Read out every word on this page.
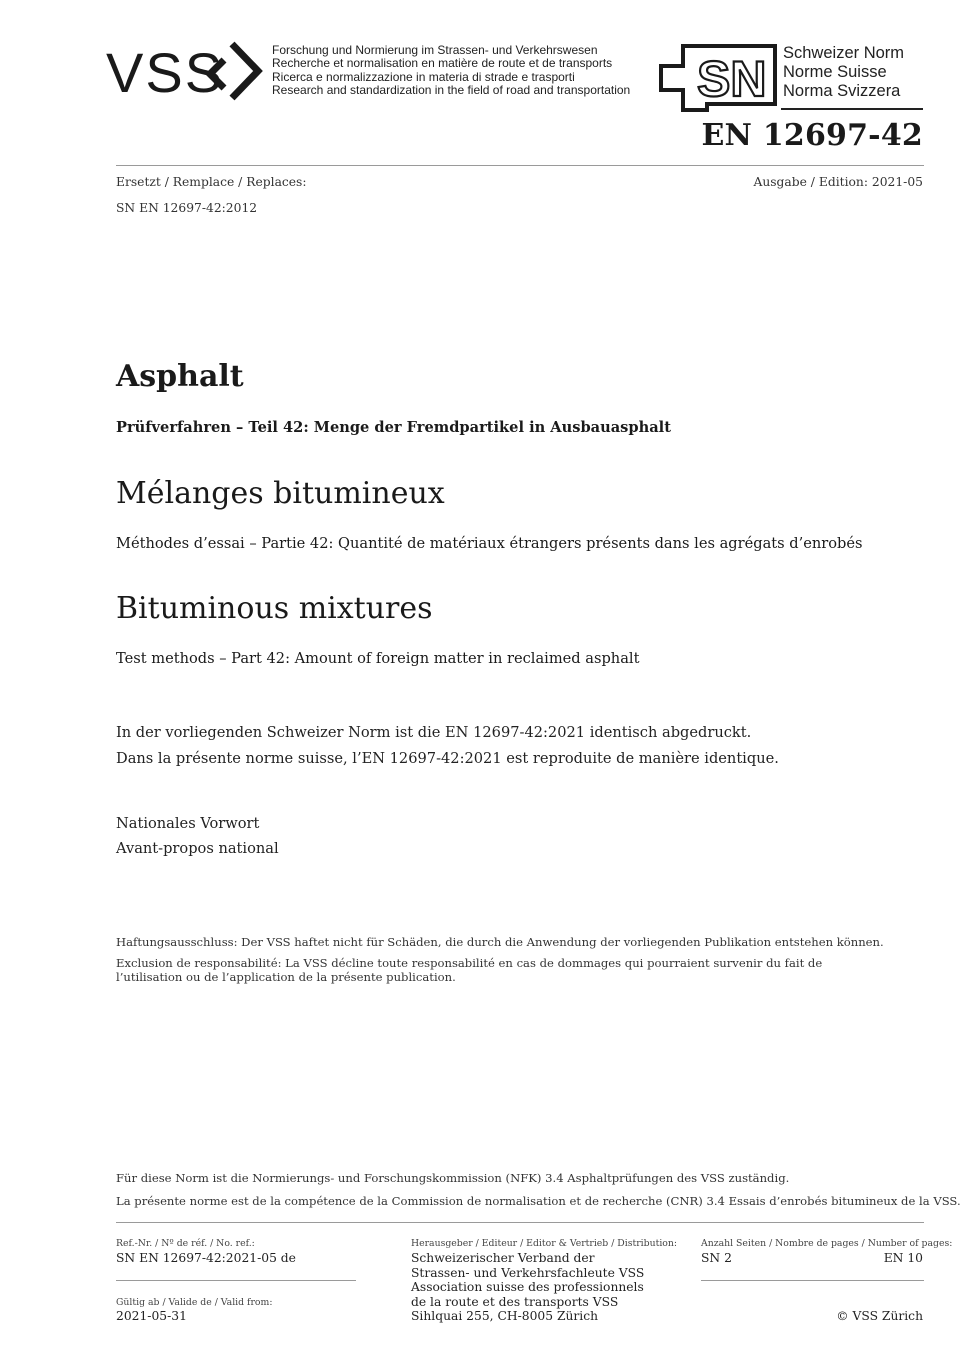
VSS	Forschung und Normierung im Strassen- und Verkehrswesen
Recherche et normalisation en matière de route et de transports
Ricerca e normalizzazione in materia di strade e trasporti
Research and standardization in the field of road and transportation SN Schweizer Norm
Norme Suisse
Norma Svizzera
EN 12697-42
Ersetzt / Remplace / Replaces:	Ausgabe / Edition: 2021-05
SN EN 12697-42:2012
Asphalt
Prüfverfahren – Teil 42: Menge der Fremdpartikel in Ausbauasphalt
Mélanges bitumineux
Méthodes d’essai – Partie 42: Quantité de matériaux étrangers présents dans les agrégats d’enrobés
Bituminous mixtures
Test methods – Part 42: Amount of foreign matter in reclaimed asphalt
In der vorliegenden Schweizer Norm ist die EN 12697-42:2021 identisch abgedruckt.
Dans la présente norme suisse, l’EN 12697-42:2021 est reproduite de manière identique.
Nationales Vorwort
Avant-propos national
Haftungsausschluss: Der VSS haftet nicht für Schäden, die durch die Anwendung der vorliegenden Publikation entstehen können.
Exclusion de responsabilité: La VSS décline toute responsabilité en cas de dommages qui pourraient survenir du fait de l’utilisation ou de l’application de la présente publication.
Für diese Norm ist die Normierungs- und Forschungskommission (NFK) 3.4 Asphaltprüfungen des VSS zuständig.
La présente norme est de la compétence de la Commission de normalisation et de recherche (CNR) 3.4 Essais d’enrobés bitumineux de la VSS.
Ref.-Nr. / Nº de réf. / No. ref.:
SN EN 12697-42:2021-05 de
Gültig ab / Valide de / Valid from:
2021-05-31
Herausgeber / Editeur / Editor & Vertrieb / Distribution:
Schweizerischer Verband der
Strassen- und Verkehrsfachleute VSS
Association suisse des professionnels
de la route et des transports VSS
Sihlquai 255, CH-8005 Zürich
Anzahl Seiten / Nombre de pages / Number of pages:
SN 2	EN 10
© VSS Zürich
